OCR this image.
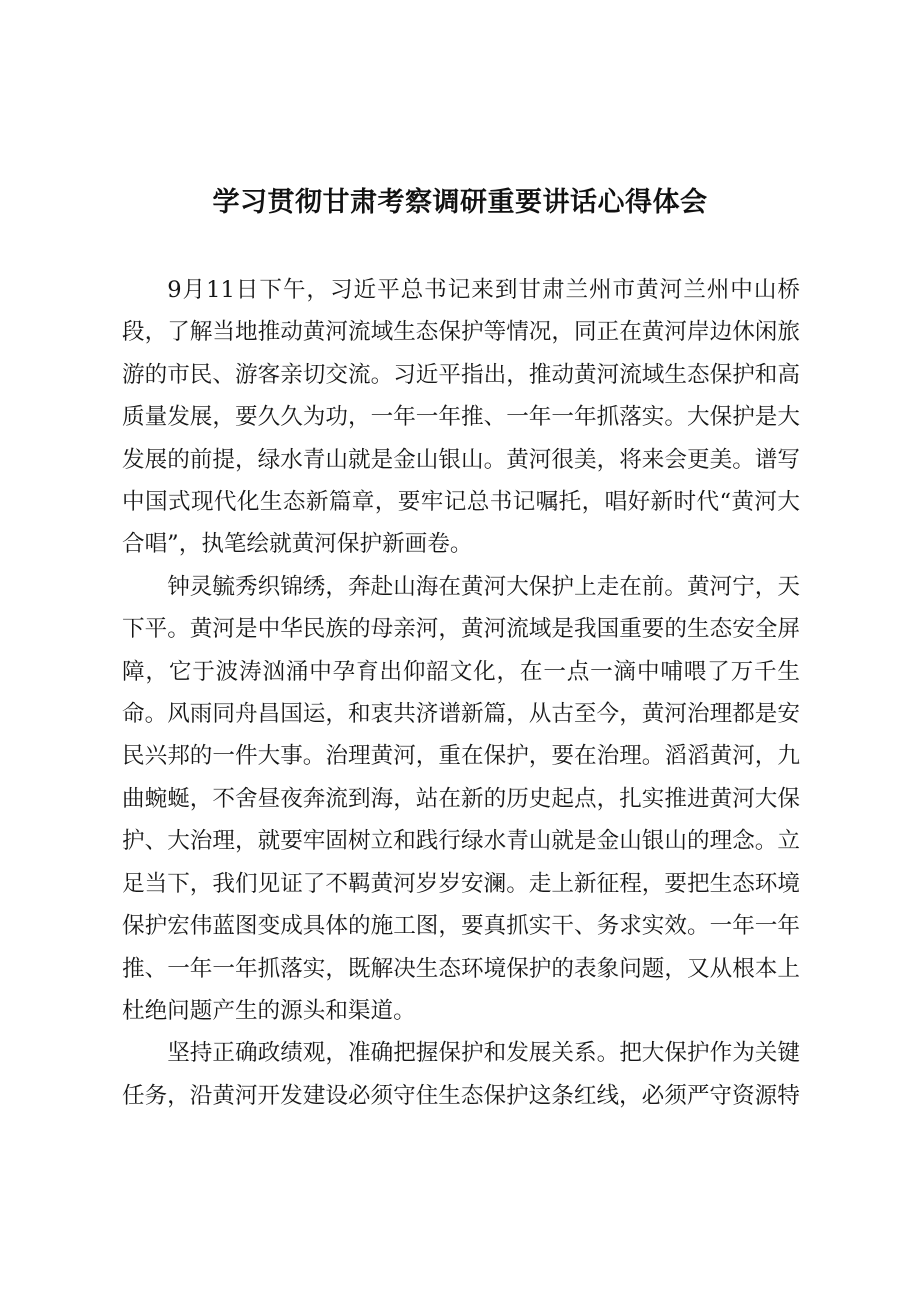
学习贯彻甘肃考察调研重要讲话心得体会

9月11日下午，习近平总书记来到甘肃兰州市黄河兰州中山桥段，了解当地推动黄河流域生态保护等情况，同正在黄河岸边休闲旅游的市民、游客亲切交流。习近平指出，推动黄河流域生态保护和高质量发展，要久久为功，一年一年推、一年一年抓落实。大保护是大发展的前提，绿水青山就是金山银山。黄河很美，将来会更美。谱写中国式现代化生态新篇章，要牢记总书记嘱托，唱好新时代“黄河大合唱”，执笔绘就黄河保护新画卷。

钟灵毓秀织锦绣，奔赴山海在黄河大保护上走在前。黄河宁，天下平。黄河是中华民族的母亲河，黄河流域是我国重要的生态安全屏障，它于波涛汹涌中孕育出仰韶文化，在一点一滴中哺喂了万千生命。风雨同舟昌国运，和衷共济谱新篇，从古至今，黄河治理都是安民兴邦的一件大事。治理黄河，重在保护，要在治理。滔滔黄河，九曲蜿蜒，不舍昼夜奔流到海，站在新的历史起点，扎实推进黄河大保护、大治理，就要牢固树立和践行绿水青山就是金山银山的理念。立足当下，我们见证了不羁黄河岁岁安澜。走上新征程，要把生态环境保护宏伟蓝图变成具体的施工图，要真抓实干、务求实效。一年一年推、一年一年抓落实，既解决生态环境保护的表象问题，又从根本上杜绝问题产生的源头和渠道。

坚持正确政绩观，准确把握保护和发展关系。把大保护作为关键任务，沿黄河开发建设必须守住生态保护这条红线，必须严守资源特
